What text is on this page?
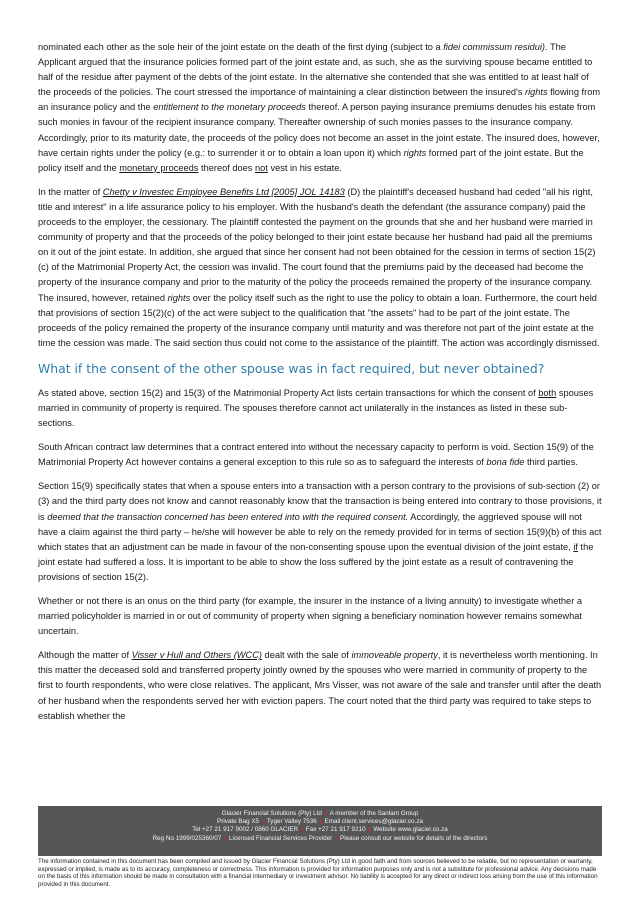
nominated each other as the sole heir of the joint estate on the death of the first dying (subject to a fidei commissum residui). The Applicant argued that the insurance policies formed part of the joint estate and, as such, she as the surviving spouse became entitled to half of the residue after payment of the debts of the joint estate. In the alternative she contended that she was entitled to at least half of the proceeds of the policies. The court stressed the importance of maintaining a clear distinction between the insured's rights flowing from an insurance policy and the entitlement to the monetary proceeds thereof. A person paying insurance premiums denudes his estate from such monies in favour of the recipient insurance company. Thereafter ownership of such monies passes to the insurance company. Accordingly, prior to its maturity date, the proceeds of the policy does not become an asset in the joint estate. The insured does, however, have certain rights under the policy (e.g.: to surrender it or to obtain a loan upon it) which rights formed part of the joint estate. But the policy itself and the monetary proceeds thereof does not vest in his estate.

In the matter of Chetty v Investec Employee Benefits Ltd [2005] JOL 14183 (D) the plaintiff's deceased husband had ceded "all his right, title and interest" in a life assurance policy to his employer. With the husband's death the defendant (the assurance company) paid the proceeds to the employer, the cessionary. The plaintiff contested the payment on the grounds that she and her husband were married in community of property and that the proceeds of the policy belonged to their joint estate because her husband had paid all the premiums on it out of the joint estate. In addition, she argued that since her consent had not been obtained for the cession in terms of section 15(2)(c) of the Matrimonial Property Act, the cession was invalid. The court found that the premiums paid by the deceased had become the property of the insurance company and prior to the maturity of the policy the proceeds remained the property of the insurance company. The insured, however, retained rights over the policy itself such as the right to use the policy to obtain a loan. Furthermore, the court held that provisions of section 15(2)(c) of the act were subject to the qualification that "the assets" had to be part of the joint estate. The proceeds of the policy remained the property of the insurance company until maturity and was therefore not part of the joint estate at the time the cession was made. The said section thus could not come to the assistance of the plaintiff. The action was accordingly dismissed.

What if the consent of the other spouse was in fact required, but never obtained?

As stated above, section 15(2) and 15(3) of the Matrimonial Property Act lists certain transactions for which the consent of both spouses married in community of property is required. The spouses therefore cannot act unilaterally in the instances as listed in these sub-sections.

South African contract law determines that a contract entered into without the necessary capacity to perform is void. Section 15(9) of the Matrimonial Property Act however contains a general exception to this rule so as to safeguard the interests of bona fide third parties.

Section 15(9) specifically states that when a spouse enters into a transaction with a person contrary to the provisions of sub-section (2) or (3) and the third party does not know and cannot reasonably know that the transaction is being entered into contrary to those provisions, it is deemed that the transaction concerned has been entered into with the required consent. Accordingly, the aggrieved spouse will not have a claim against the third party – he/she will however be able to rely on the remedy provided for in terms of section 15(9)(b) of this act which states that an adjustment can be made in favour of the non-consenting spouse upon the eventual division of the joint estate, if the joint estate had suffered a loss. It is important to be able to show the loss suffered by the joint estate as a result of contravening the provisions of section 15(2).

Whether or not there is an onus on the third party (for example, the insurer in the instance of a living annuity) to investigate whether a married policyholder is married in or out of community of property when signing a beneficiary nomination however remains somewhat uncertain.

Although the matter of Visser v Hull and Others (WCC) dealt with the sale of immoveable property, it is nevertheless worth mentioning. In this matter the deceased sold and transferred property jointly owned by the spouses who were married in community of property to the first to fourth respondents, who were close relatives. The applicant, Mrs Visser, was not aware of the sale and transfer until after the death of her husband when the respondents served her with eviction papers. The court noted that the third party was required to take steps to establish whether the

Glacier Financial Solutions (Pty) Ltd | A member of the Sanlam Group
Private Bag X5 | Tyger Valley 7536 | Email client.services@glacier.co.za
Tel +27 21 917 9002 / 0860 GLACIER | Fax +27 21 917 9210 | Website www.glacier.co.za
Reg No 1999/025360/07 | Licensed Financial Services Provider | Please consult our website for details of the directors
The information contained in this document has been compiled and issued by Glacier Financial Solutions (Pty) Ltd in good faith and from sources believed to be reliable, but no representation or warranty, expressed or implied, is made as to its accuracy, completeness or correctness. This information is provided for information purposes only and is not a substitute for professional advice. Any decisions made on the basis of this information should be made in consultation with a financial intermediary or investment advisor. No liability is accepted for any direct or indirect loss arising from the use of this information provided in this document.
